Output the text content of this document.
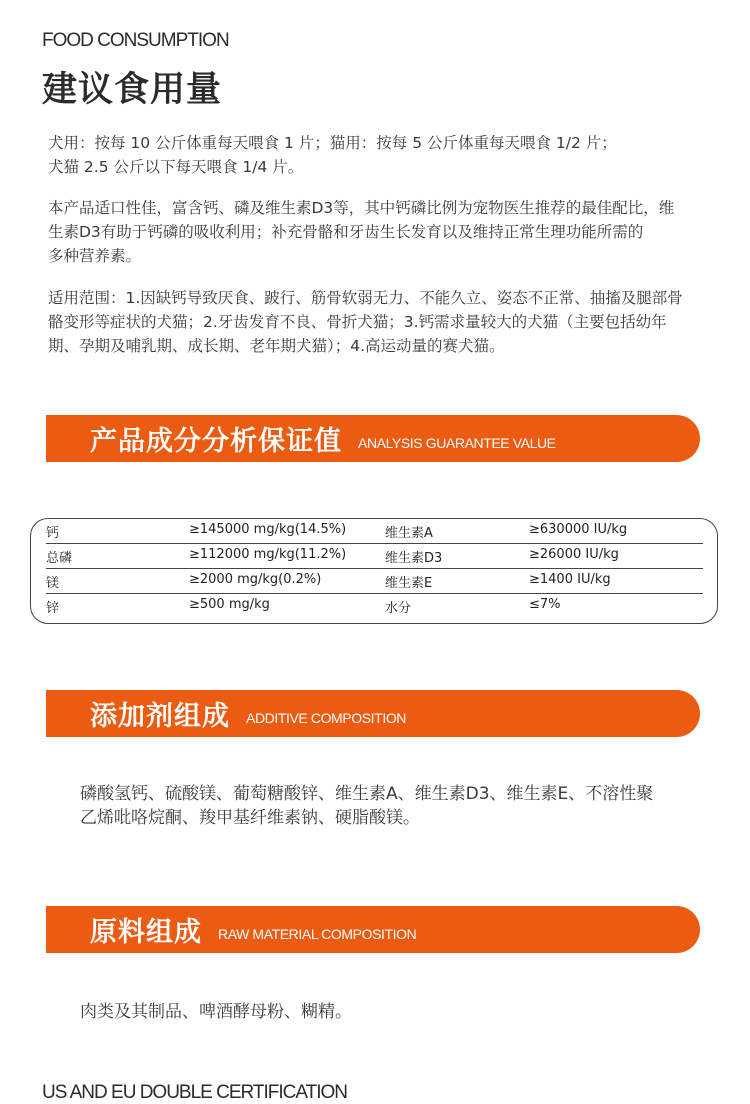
FOOD CONSUMPTION
建议食用量
犬用：按每 10 公斤体重每天喂食 1 片；猫用：按每 5 公斤体重每天喂食 1/2 片；
犬猫 2.5 公斤以下每天喂食 1/4 片。
本产品适口性佳，富含钙、磷及维生素D3等，其中钙磷比例为宠物医生推荐的最佳配比，维
生素D3有助于钙磷的吸收利用；补充骨骼和牙齿生长发育以及维持正常生理功能所需的
多种营养素。
适用范围：1.因缺钙导致厌食、跛行、筋骨软弱无力、不能久立、姿态不正常、抽搐及腿部骨
骼变形等症状的犬猫；2.牙齿发育不良、骨折犬猫；3.钙需求量较大的犬猫（主要包括幼年
期、孕期及哺乳期、成长期、老年期犬猫）；4.高运动量的赛犬猫。
产品成分分析保证值 ANALYSIS GUARANTEE VALUE
钙	≥145000 mg/kg(14.5%)	维生素A	≥630000 IU/kg
总磷	≥112000 mg/kg(11.2%)	维生素D3	≥26000 IU/kg
镁	≥2000 mg/kg(0.2%)	维生素E	≥1400 IU/kg
锌	≥500 mg/kg	水分	≤7%
添加剂组成 ADDITIVE COMPOSITION
磷酸氢钙、硫酸镁、葡萄糖酸锌、维生素A、维生素D3、维生素E、不溶性聚
乙烯吡咯烷酮、羧甲基纤维素钠、硬脂酸镁。
原料组成 RAW MATERIAL COMPOSITION
肉类及其制品、啤酒酵母粉、糊精。
US AND EU DOUBLE CERTIFICATION
